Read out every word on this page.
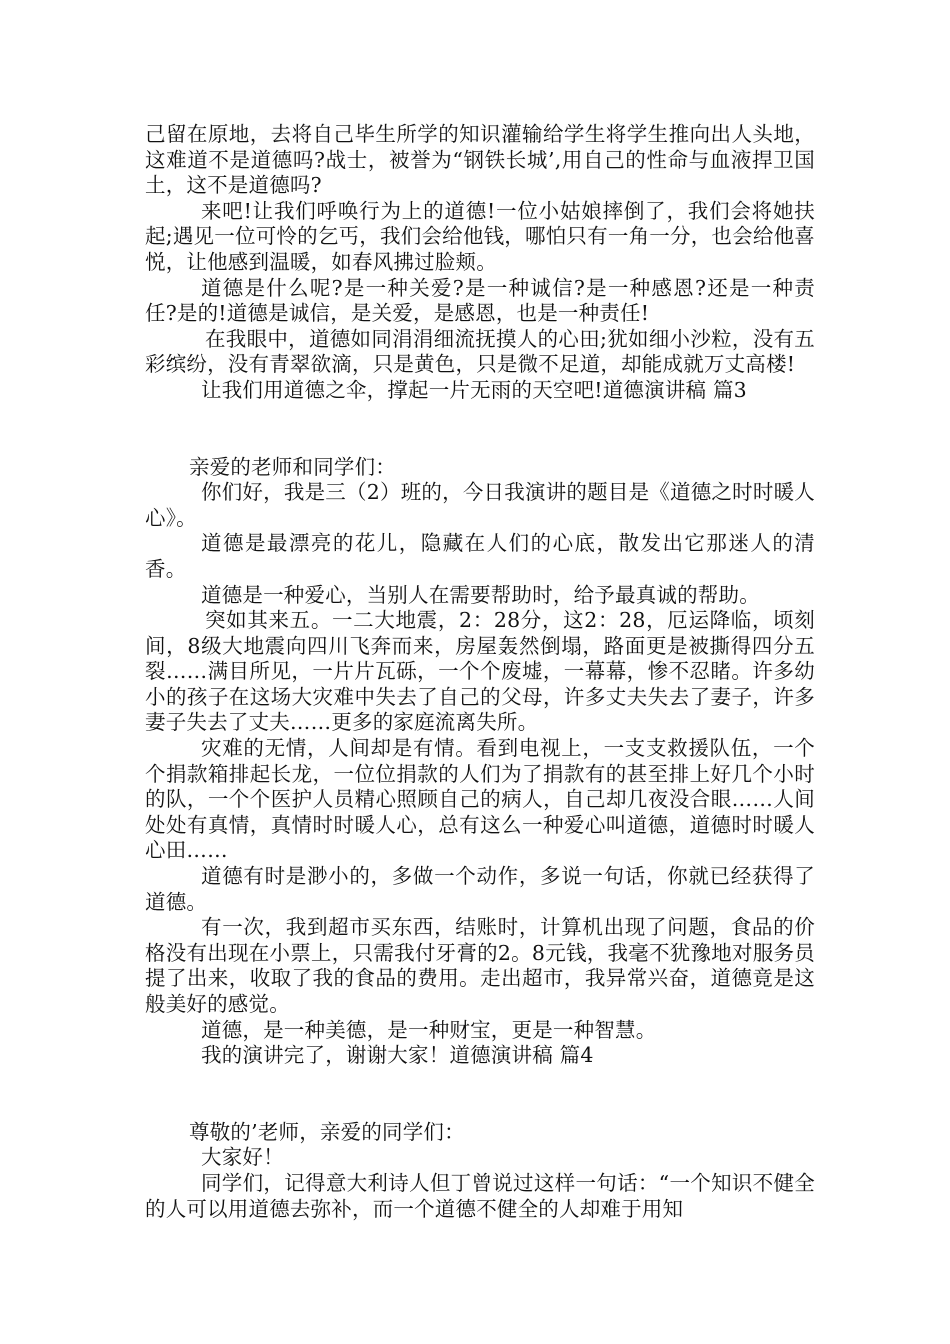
己留在原地，去将自己毕生所学的知识灌输给学生将学生推向出人头地，这难道不是道德吗?战士，被誉为“钢铁长城’,用自己的性命与血液捍卫国土，这不是道德吗?

来吧!让我们呼唤行为上的道德!一位小姑娘摔倒了，我们会将她扶起;遇见一位可怜的乞丐，我们会给他钱，哪怕只有一角一分，也会给他喜悦，让他感到温暖，如春风拂过脸颊。

道德是什么呢?是一种关爱?是一种诚信?是一种感恩?还是一种责任?是的!道德是诚信，是关爱，是感恩，也是一种责任!

在我眼中，道德如同涓涓细流抚摸人的心田;犹如细小沙粒，没有五彩缤纷，没有青翠欲滴，只是黄色，只是微不足道，却能成就万丈高楼!

让我们用道德之伞，撑起一片无雨的天空吧!道德演讲稿 篇3

亲爱的老师和同学们：

你们好，我是三（2）班的，今日我演讲的题目是《道德之时时暖人心》。

道德是最漂亮的花儿，隐藏在人们的心底，散发出它那迷人的清香。

道德是一种爱心，当别人在需要帮助时，给予最真诚的帮助。

突如其来五。一二大地震，2：28分，这2：28，厄运降临，顷刻间，8级大地震向四川飞奔而来，房屋轰然倒塌，路面更是被撕得四分五裂……满目所见，一片片瓦砾，一个个废墟，一幕幕，惨不忍睹。许多幼小的孩子在这场大灾难中失去了自己的父母，许多丈夫失去了妻子，许多妻子失去了丈夫……更多的家庭流离失所。

灾难的无情，人间却是有情。看到电视上，一支支救援队伍，一个个捐款箱排起长龙，一位位捐款的人们为了捐款有的甚至排上好几个小时的队，一个个医护人员精心照顾自己的病人，自己却几夜没合眼……人间处处有真情，真情时时暖人心，总有这么一种爱心叫道德，道德时时暖人心田……

道德有时是渺小的，多做一个动作，多说一句话，你就已经获得了道德。

有一次，我到超市买东西，结账时，计算机出现了问题，食品的价格没有出现在小票上，只需我付牙膏的2。8元钱，我毫不犹豫地对服务员提了出来，收取了我的食品的费用。走出超市，我异常兴奋，道德竟是这般美好的感觉。

道德，是一种美德，是一种财宝，更是一种智慧。

我的演讲完了，谢谢大家！道德演讲稿 篇4

尊敬的’老师，亲爱的同学们：

大家好！

同学们，记得意大利诗人但丁曾说过这样一句话：“一个知识不健全的人可以用道德去弥补，而一个道德不健全的人却难于用知
